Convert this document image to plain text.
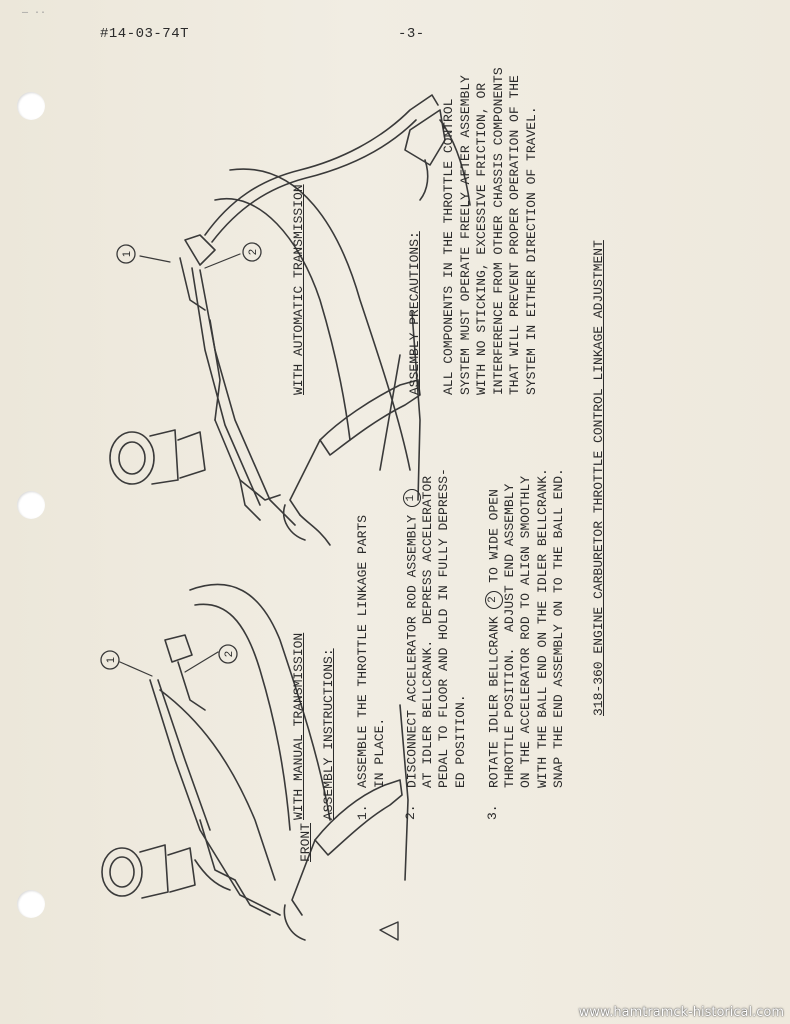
— ··
#14-03-74T	-3-
1	2
1
2
FRONT
WITH MANUAL TRANSMISSION
WITH AUTOMATIC TRANSMISSION
ASSEMBLY INSTRUCTIONS: 1.
ASSEMBLE THE THROTTLE LINKAGE PARTS IN PLACE.
2.
DISCONNECT ACCELERATOR ROD ASSEMBLY 1 AT IDLER BELLCRANK.  DEPRESS ACCELERATOR PEDAL TO FLOOR AND HOLD IN FULLY DEPRESS- ED POSITION.
3.
ROTATE IDLER BELLCRANK 2 TO WIDE OPEN THROTTLE POSITION.  ADJUST END ASSEMBLY ON THE ACCELERATOR ROD TO ALIGN SMOOTHLY WITH THE BALL END ON THE IDLER BELLCRANK. SNAP THE END ASSEMBLY ON TO THE BALL END.
ASSEMBLY PRECAUTIONS: ALL COMPONENTS IN THE THROTTLE CONTROL SYSTEM MUST OPERATE FREELY AFTER ASSEMBLY WITH NO STICKING, EXCESSIVE FRICTION, OR INTERFERENCE FROM OTHER CHASSIS COMPONENTS THAT WILL PREVENT PROPER OPERATION OF THE SYSTEM IN EITHER DIRECTION OF TRAVEL.	318-360 ENGINE CARBURETOR THROTTLE CONTROL LINKAGE ADJUSTMENT
www.hamtramck-historical.com
